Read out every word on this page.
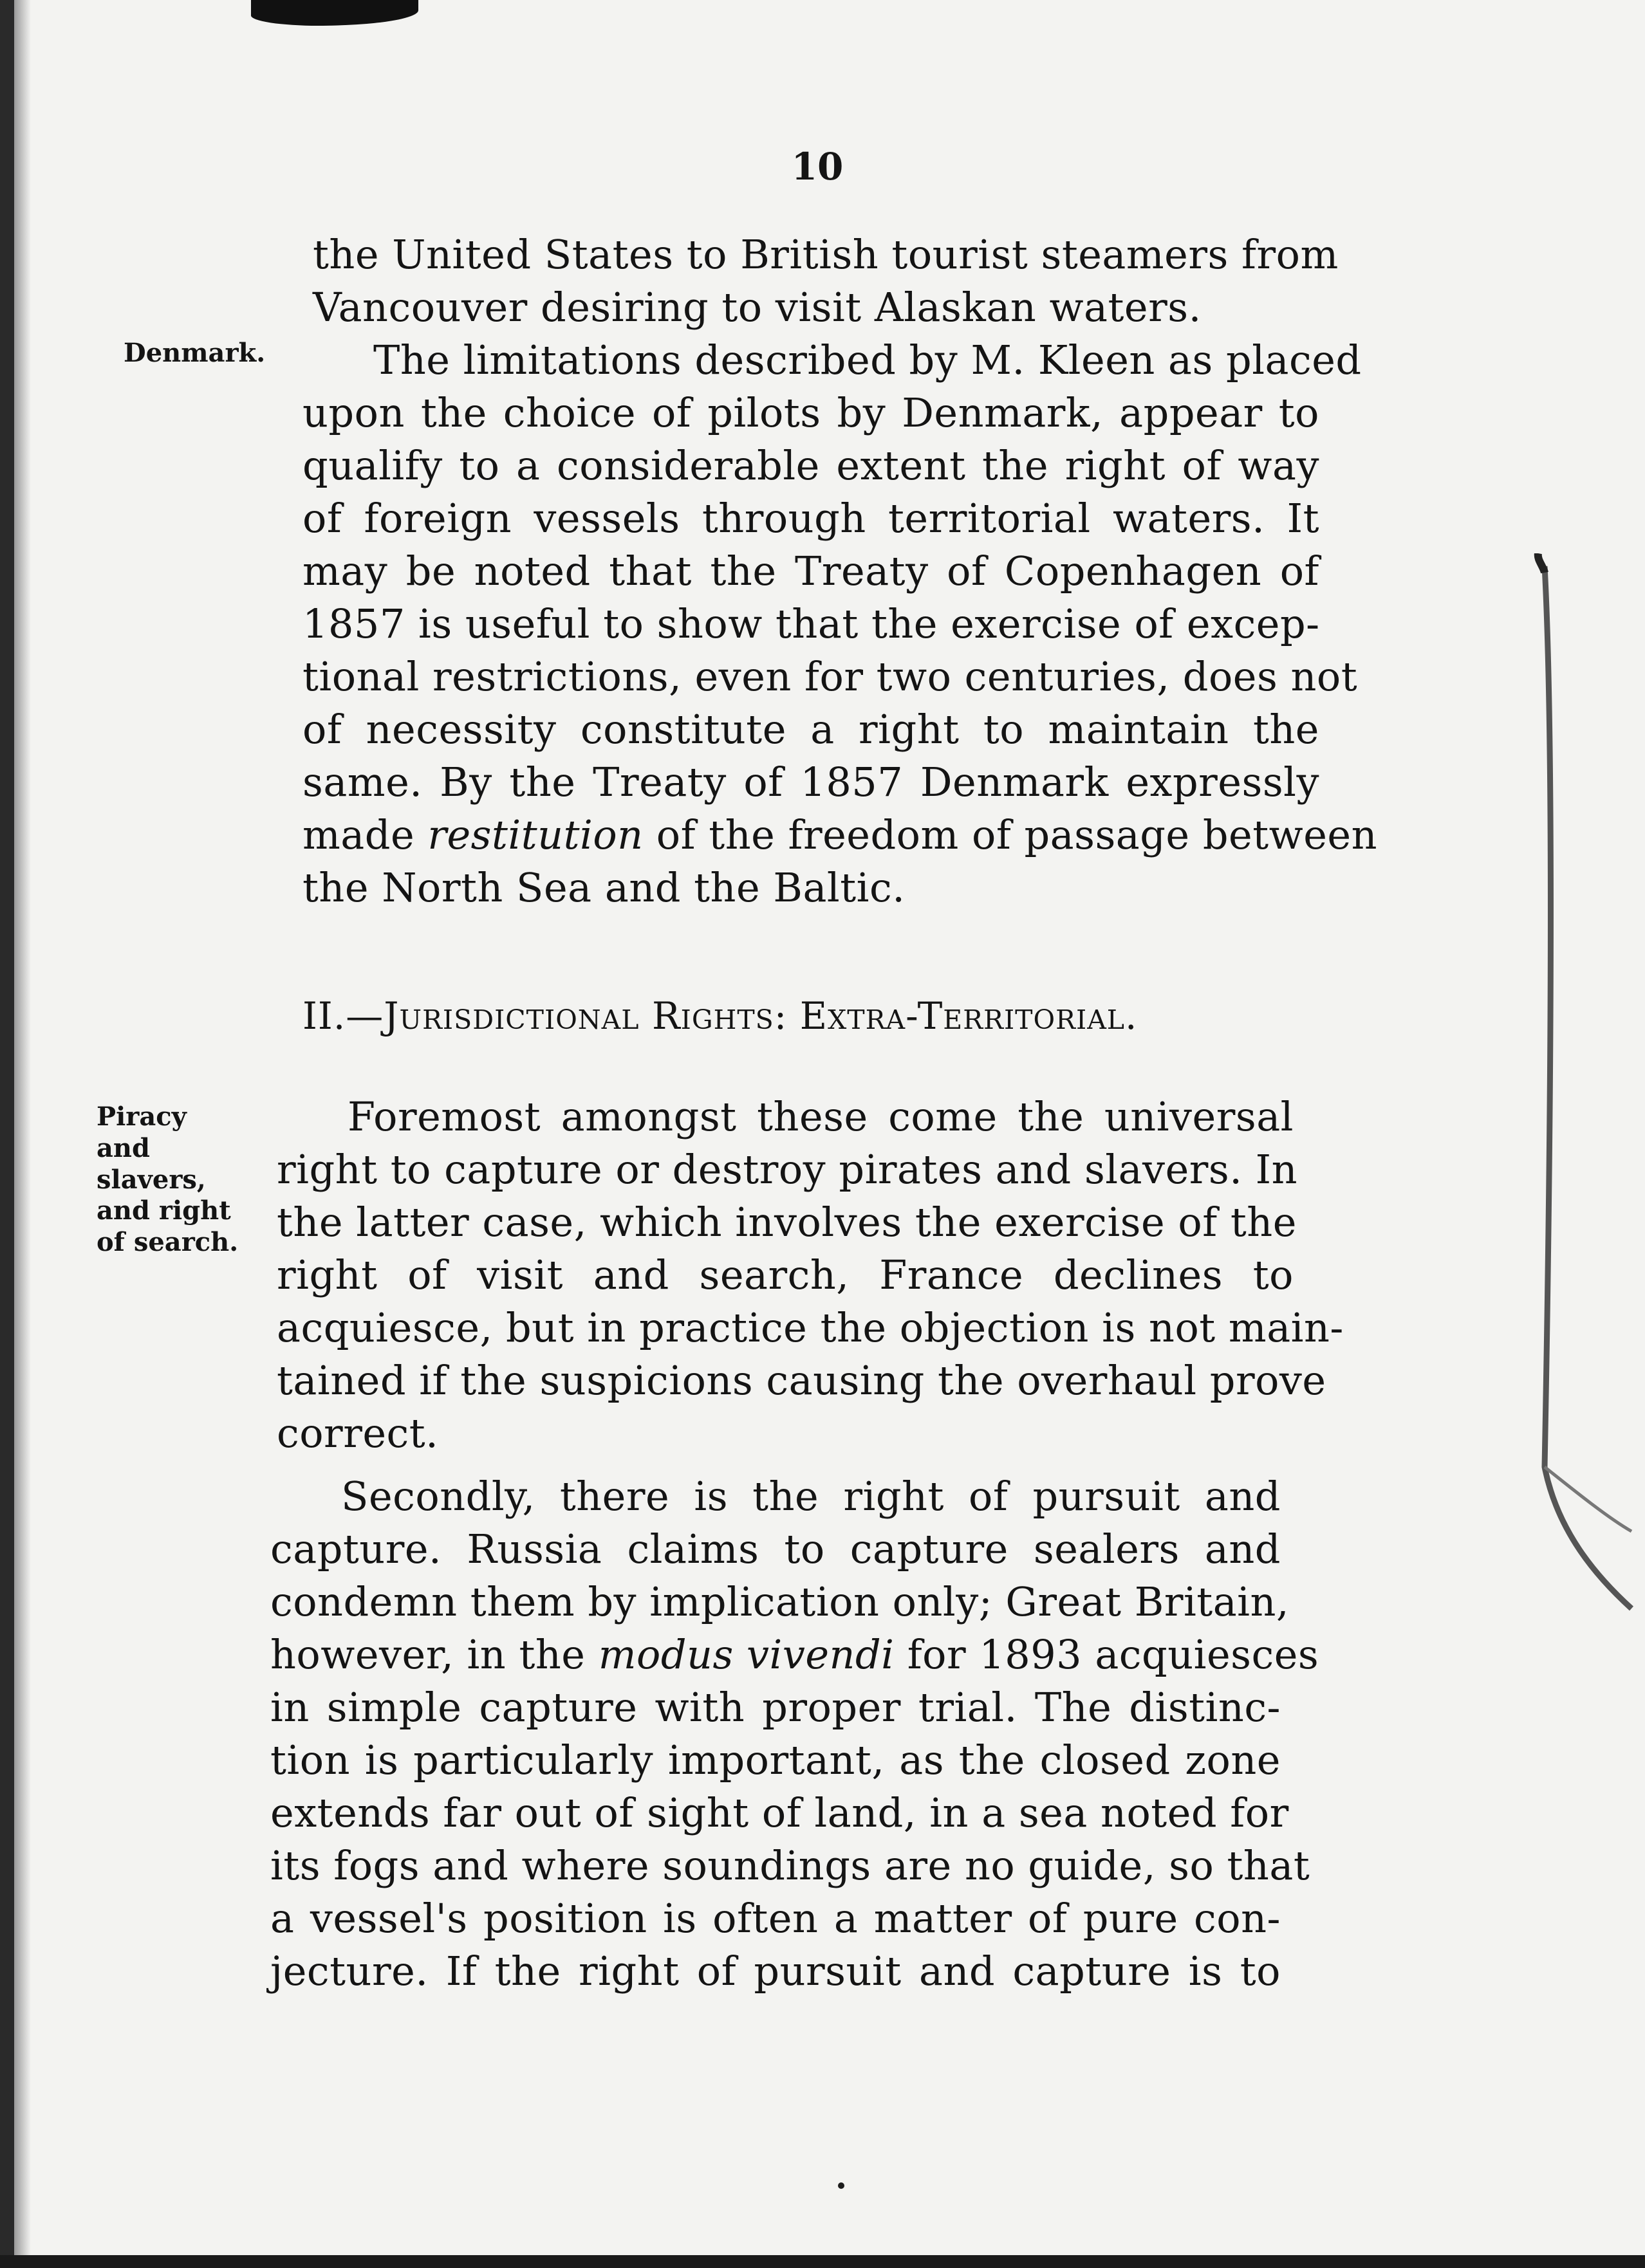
10
Denmark.
Piracy
and
slavers,
and right
of search.
the United States to British tourist steamers from
Vancouver desiring to visit Alaskan waters.
The limitations described by M. Kleen as placed
upon the choice of pilots by Denmark, appear to
qualify to a considerable extent the right of way
of foreign vessels through territorial waters. It
may be noted that the Treaty of Copenhagen of
1857 is useful to show that the exercise of excep-
tional restrictions, even for two centuries, does not
of necessity constitute a right to maintain the
same. By the Treaty of 1857 Denmark expressly
made restitution of the freedom of passage between
the North Sea and the Baltic.
II.—Jurisdictional Rights: Extra-Territorial.
Foremost amongst these come the universal
right to capture or destroy pirates and slavers. In
the latter case, which involves the exercise of the
right of visit and search, France declines to
acquiesce, but in practice the objection is not main-
tained if the suspicions causing the overhaul prove
correct.
Secondly, there is the right of pursuit and
capture. Russia claims to capture sealers and
condemn them by implication only; Great Britain,
however, in the modus vivendi for 1893 acquiesces
in simple capture with proper trial. The distinc-
tion is particularly important, as the closed zone
extends far out of sight of land, in a sea noted for
its fogs and where soundings are no guide, so that
a vessel's position is often a matter of pure con-
jecture. If the right of pursuit and capture is to
